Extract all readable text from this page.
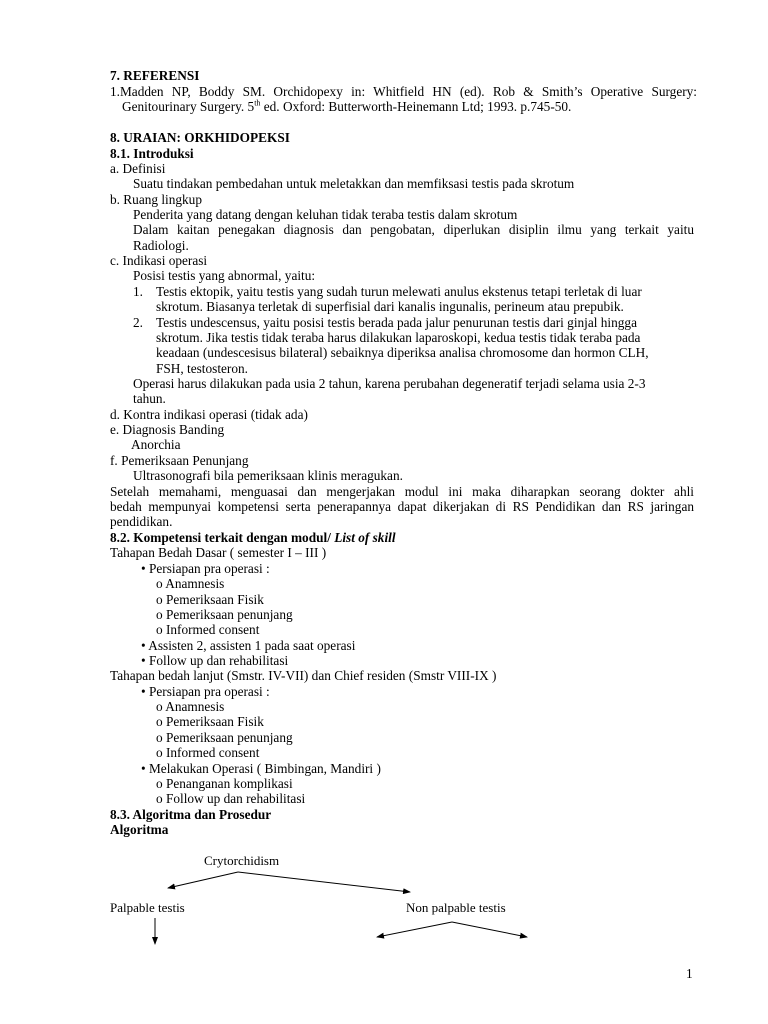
7. REFERENSI
1.Madden NP, Boddy SM. Orchidopexy in: Whitfield HN (ed). Rob & Smith’s Operative Surgery:
Genitourinary Surgery. 5th ed. Oxford: Butterworth-Heinemann Ltd; 1993. p.745-50.
8. URAIAN: ORKHIDOPEKSI
8.1. Introduksi
a. Definisi
Suatu tindakan pembedahan untuk meletakkan dan memfiksasi testis pada skrotum
b. Ruang lingkup
Penderita yang datang dengan keluhan tidak teraba testis dalam skrotum
Dalam kaitan penegakan diagnosis dan pengobatan, diperlukan disiplin ilmu yang terkait yaitu
Radiologi.
c. Indikasi operasi
Posisi testis yang abnormal, yaitu:
1. Testis ektopik, yaitu testis yang sudah turun melewati anulus ekstenus tetapi terletak di luar
skrotum. Biasanya terletak di superfisial dari kanalis ingunalis, perineum atau prepubik.
2. Testis undescensus, yaitu posisi testis berada pada jalur penurunan testis dari ginjal hingga
skrotum. Jika testis tidak teraba harus dilakukan laparoskopi, kedua testis tidak teraba pada
keadaan (undescesisus bilateral) sebaiknya diperiksa analisa chromosome dan hormon CLH,
FSH, testosteron.
Operasi harus dilakukan pada usia 2 tahun, karena perubahan degeneratif terjadi selama usia 2-3
tahun.
d. Kontra indikasi operasi (tidak ada)
e. Diagnosis Banding
Anorchia
f. Pemeriksaan Penunjang
Ultrasonografi bila pemeriksaan klinis meragukan.
Setelah memahami, menguasai dan mengerjakan modul ini maka diharapkan seorang dokter ahli
bedah mempunyai kompetensi serta penerapannya dapat dikerjakan di RS Pendidikan dan RS jaringan
pendidikan.
8.2. Kompetensi terkait dengan modul/ List of skill
Tahapan Bedah Dasar ( semester I – III )
• Persiapan pra operasi :
o Anamnesis
o Pemeriksaan Fisik
o Pemeriksaan penunjang
o Informed consent
• Assisten 2, assisten 1 pada saat operasi
• Follow up dan rehabilitasi
Tahapan bedah lanjut (Smstr. IV-VII) dan Chief residen (Smstr VIII-IX )
• Persiapan pra operasi :
o Anamnesis
o Pemeriksaan Fisik
o Pemeriksaan penunjang
o Informed consent
• Melakukan Operasi ( Bimbingan, Mandiri )
o Penanganan komplikasi
o Follow up dan rehabilitasi
8.3. Algoritma dan Prosedur
Algoritma
Crytorchidism
Palpable testis	Non palpable testis
1
